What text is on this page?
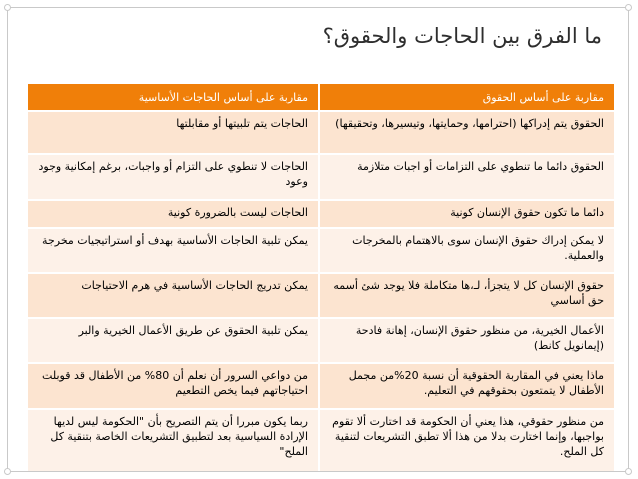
ما الفرق بين الحاجات والحقوق؟
مقاربة على أساس الحقوق	مقاربة على أساس الحاجات الأساسية
الحقوق يتم إدراكها (احترامها، وحمايتها، وتيسيرها، وتحقيقها)	الحاجات يتم تلبيتها أو مقابلتها
الحقوق دائما ما تنطوي على التزامات أو اجبات متلازمة	الحاجات لا تنطوي على التزام أو واجبات، برغم إمكانية وجود وعود
دائما ما تكون حقوق الإنسان كونية	الحاجات ليست بالضرورة كونية
لا يمكن إدراك حقوق الإنسان سوى بالاهتمام بالمخرجات والعملية.	يمكن تلبية الحاجات الأساسية بهدف أو استراتيجيات مخرجة
حقوق الإنسان كل لا يتجزأ، لـ،ها متكاملة فلا يوجد شئ أسمه حق أساسي	يمكن تدريج الحاجات الأساسية في هرم الاحتياجات
الأعمال الخيرية، من منظور حقوق الإنسان، إهانة فادحة (إيمانويل كانط)	يمكن تلبية الحقوق عن طريق الأعمال الخيرية والبر
ماذا يعني في المقاربة الحقوقية أن نسبة 20%من مجمل الأطفال لا يتمتعون بحقوقهم في التعليم.	من دواعي السرور أن نعلم أن 80% من الأطفال قد قوبلت احتياجاتهم فيما يخص التطعيم
من منظور حقوقي، هذا يعني أن الحكومة قد اختارت ألا تقوم بواجبها، وإنما اختارت بدلا من هذا ألا تطبق التشريعات لتنقية كل الملح.	ربما يكون مبررا أن يتم التصريح بأن "الحكومة ليس لديها الإرادة السياسية بعد لتطبيق التشريعات الخاصة بتنقية كل الملح"
